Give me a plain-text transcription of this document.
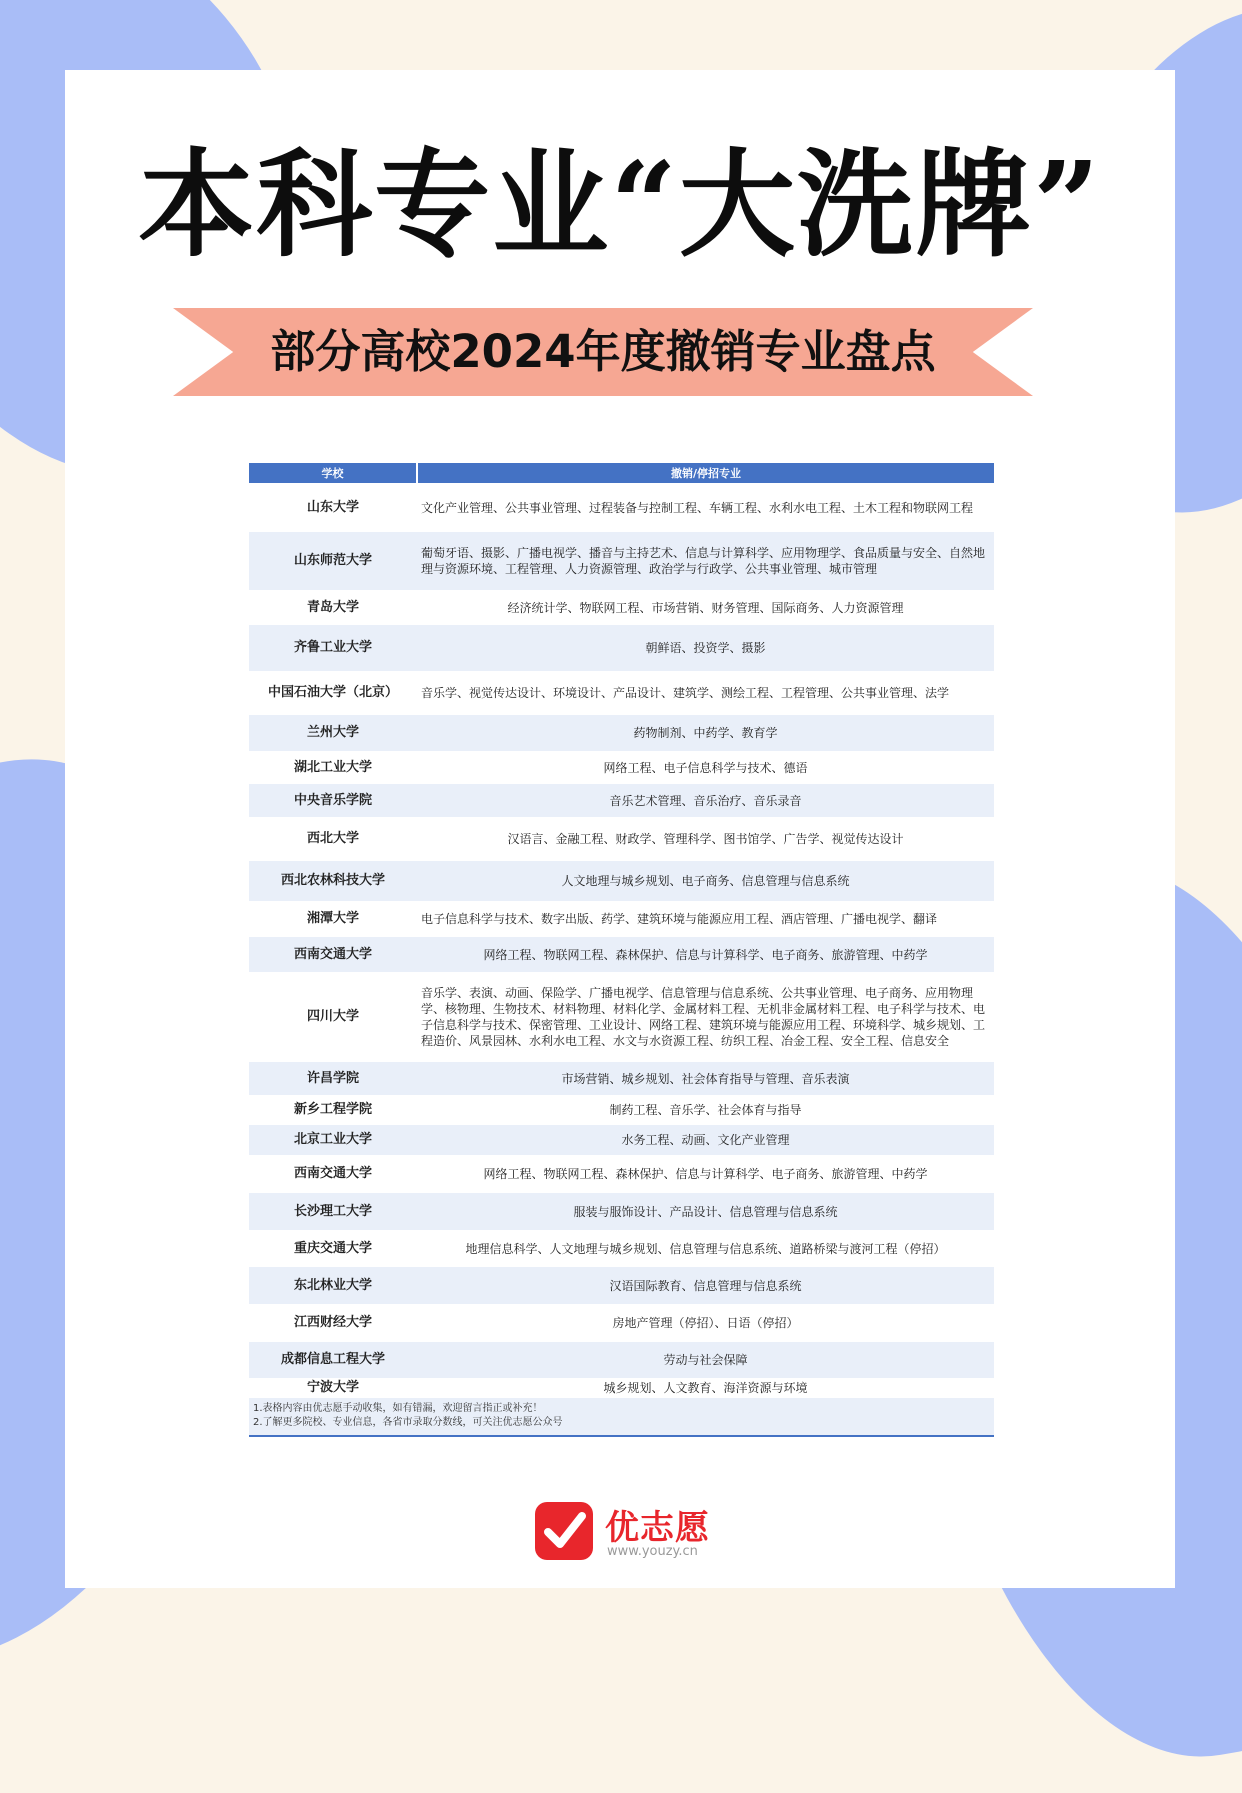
本科专业“大洗牌”
部分高校2024年度撤销专业盘点
学校	撤销/停招专业
山东大学	文化产业管理、公共事业管理、过程装备与控制工程、车辆工程、水利水电工程、土木工程和物联网工程
山东师范大学	葡萄牙语、摄影、广播电视学、播音与主持艺术、信息与计算科学、应用物理学、食品质量与安全、自然地理与资源环境、工程管理、人力资源管理、政治学与行政学、公共事业管理、城市管理
青岛大学	经济统计学、物联网工程、市场营销、财务管理、国际商务、人力资源管理
齐鲁工业大学	朝鲜语、投资学、摄影
中国石油大学（北京）	音乐学、视觉传达设计、环境设计、产品设计、建筑学、测绘工程、工程管理、公共事业管理、法学
兰州大学	药物制剂、中药学、教育学
湖北工业大学	网络工程、电子信息科学与技术、德语
中央音乐学院	音乐艺术管理、音乐治疗、音乐录音
西北大学	汉语言、金融工程、财政学、管理科学、图书馆学、广告学、视觉传达设计
西北农林科技大学	人文地理与城乡规划、电子商务、信息管理与信息系统
湘潭大学	电子信息科学与技术、数字出版、药学、建筑环境与能源应用工程、酒店管理、广播电视学、翻译
西南交通大学	网络工程、物联网工程、森林保护、信息与计算科学、电子商务、旅游管理、中药学
四川大学	音乐学、表演、动画、保险学、广播电视学、信息管理与信息系统、公共事业管理、电子商务、应用物理学、核物理、生物技术、材料物理、材料化学、金属材料工程、无机非金属材料工程、电子科学与技术、电子信息科学与技术、保密管理、工业设计、网络工程、建筑环境与能源应用工程、环境科学、城乡规划、工程造价、风景园林、水利水电工程、水文与水资源工程、纺织工程、冶金工程、安全工程、信息安全
许昌学院	市场营销、城乡规划、社会体育指导与管理、音乐表演
新乡工程学院	制药工程、音乐学、社会体育与指导
北京工业大学	水务工程、动画、文化产业管理
西南交通大学	网络工程、物联网工程、森林保护、信息与计算科学、电子商务、旅游管理、中药学
长沙理工大学	服装与服饰设计、产品设计、信息管理与信息系统
重庆交通大学	地理信息科学、人文地理与城乡规划、信息管理与信息系统、道路桥梁与渡河工程（停招）
东北林业大学	汉语国际教育、信息管理与信息系统
江西财经大学	房地产管理（停招）、日语（停招）
成都信息工程大学	劳动与社会保障
宁波大学	城乡规划、人文教育、海洋资源与环境

1.表格内容由优志愿手动收集，如有错漏，欢迎留言指正或补充！
2.了解更多院校、专业信息，各省市录取分数线，可关注优志愿公众号	
优志愿
www.youzy.cn
